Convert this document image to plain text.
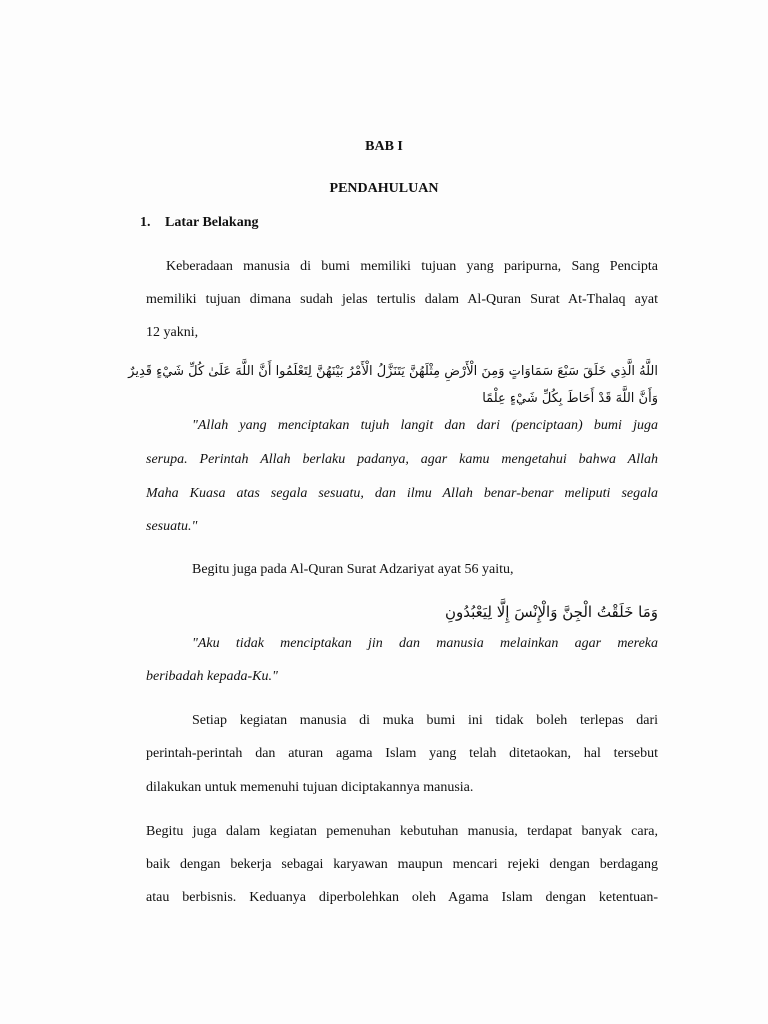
BAB I
PENDAHULUAN
1. Latar Belakang
Keberadaan manusia di bumi memiliki tujuan yang paripurna, Sang Pencipta
memiliki tujuan dimana sudah jelas tertulis dalam Al-Quran Surat At-Thalaq ayat
12 yakni,
اللَّهُ الَّذِي خَلَقَ سَبْعَ سَمَاوَاتٍ وَمِنَ الْأَرْضِ مِثْلَهُنَّ يَتَنَزَّلُ الْأَمْرُ بَيْنَهُنَّ لِتَعْلَمُوا أَنَّ اللَّهَ عَلَىٰ كُلِّ شَيْءٍ قَدِيرٌ
وَأَنَّ اللَّهَ قَدْ أَحَاطَ بِكُلِّ شَيْءٍ عِلْمًا
"Allah yang menciptakan tujuh langit dan dari (penciptaan) bumi juga
serupa. Perintah Allah berlaku padanya, agar kamu mengetahui bahwa Allah
Maha Kuasa atas segala sesuatu, dan ilmu Allah benar-benar meliputi segala
sesuatu."
Begitu juga pada Al-Quran Surat Adzariyat ayat 56 yaitu,
وَمَا خَلَقْتُ الْجِنَّ وَالْإِنْسَ إِلَّا لِيَعْبُدُونِ
"Aku tidak menciptakan jin dan manusia melainkan agar mereka
beribadah kepada-Ku."
Setiap kegiatan manusia di muka bumi ini tidak boleh terlepas dari
perintah-perintah dan aturan agama Islam yang telah ditetaokan, hal tersebut
dilakukan untuk memenuhi tujuan diciptakannya manusia.
Begitu juga dalam kegiatan pemenuhan kebutuhan manusia, terdapat banyak cara,
baik dengan bekerja sebagai karyawan maupun mencari rejeki dengan berdagang
atau berbisnis. Keduanya diperbolehkan oleh Agama Islam dengan ketentuan-
